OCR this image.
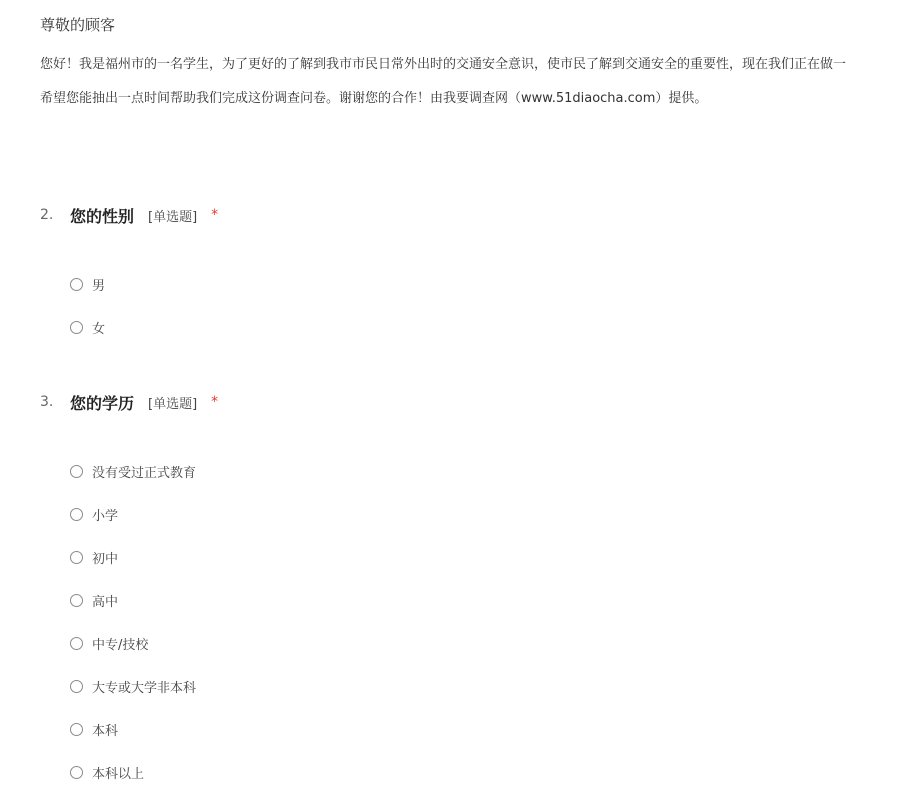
尊敬的顾客
您好！我是福州市的一名学生，为了更好的了解到我市市民日常外出时的交通安全意识，使市民了解到交通安全的重要性，现在我们正在做一
希望您能抽出一点时间帮助我们完成这份调查问卷。谢谢您的合作！由我要调查网（www.51diaocha.com）提供。
2.	您的性别 [单选题] *
男
女
3.	您的学历 [单选题] *
没有受过正式教育
小学
初中
高中
中专/技校
大专或大学非本科
本科
本科以上
